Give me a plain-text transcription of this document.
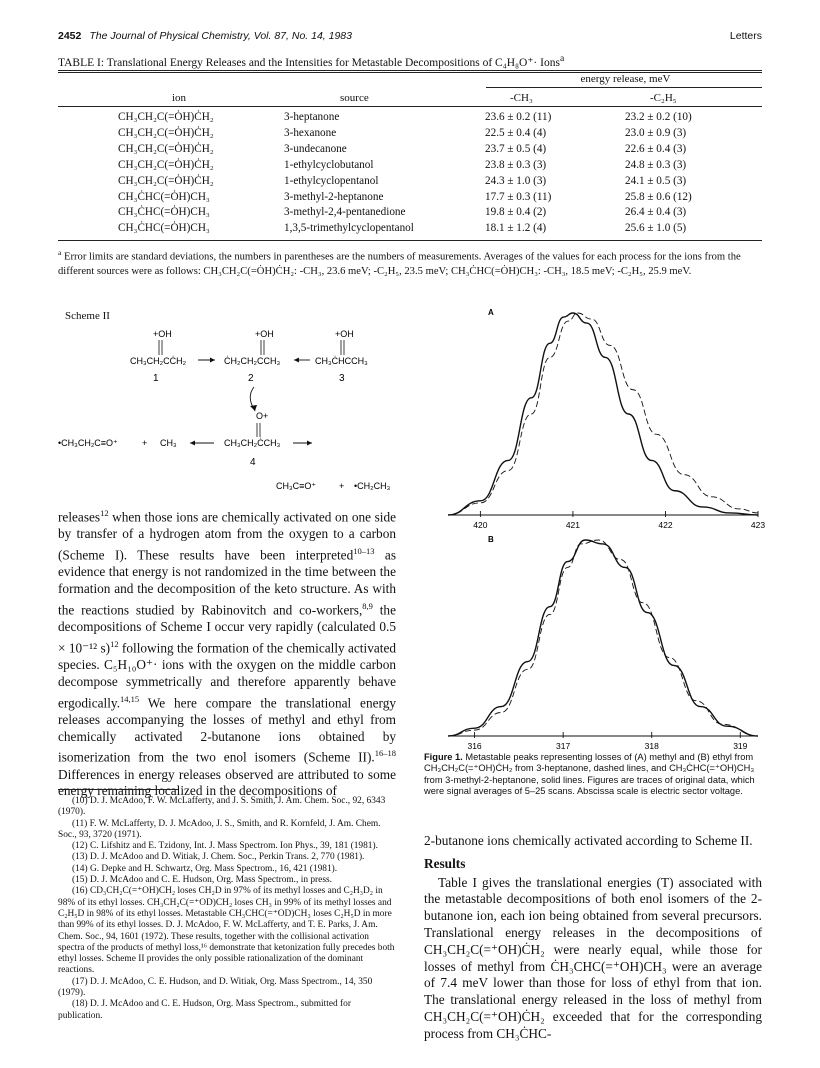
2452 The Journal of Physical Chemistry, Vol. 87, No. 14, 1983	Letters
TABLE I: Translational Energy Releases and the Intensities for Metastable Decompositions of C₄H₈O⁺· Ions$^a$
energy release, meV
ion	source	-CH₃	-C₂H₅
CH₃CH₂C(=ȮH)ĊH₂	3-heptanone	23.6 ± 0.2 (11)	23.2 ± 0.2 (10)
CH₃CH₂C(=ȮH)ĊH₂	3-hexanone	22.5 ± 0.4 (4)	23.0 ± 0.9 (3)
CH₃CH₂C(=ȮH)ĊH₂	3-undecanone	23.7 ± 0.5 (4)	22.6 ± 0.4 (3)
CH₃CH₂C(=ȮH)ĊH₂	1-ethylcyclobutanol	23.8 ± 0.3 (3)	24.8 ± 0.3 (3)
CH₃CH₂C(=ȮH)ĊH₂	1-ethylcyclopentanol	24.3 ± 1.0 (3)	24.1 ± 0.5 (3)
CH₃ĊHC(=ȮH)CH₃	3-methyl-2-heptanone	17.7 ± 0.3 (11)	25.8 ± 0.6 (12)
CH₃ĊHC(=ȮH)CH₃	3-methyl-2,4-pentanedione	19.8 ± 0.4 (2)	26.4 ± 0.4 (3)
CH₃ĊHC(=ȮH)CH₃	1,3,5-trimethylcyclopentanol	18.1 ± 1.2 (4)	25.6 ± 1.0 (5)
$^a$ Error limits are standard deviations, the numbers in parentheses are the numbers of measurements. Averages of the values for each process for the ions from the different sources were as follows: CH₃CH₂C(=ȮH)ĊH₂: -CH₃, 23.6 meV; -C₂H₅, 23.5 meV; CH₃ĊHC(=ȮH)CH₃: -CH₃, 18.5 meV; -C₂H₅, 25.9 meV.
Scheme II
+OH
CH₃CH₂CĊH₂
1
+OH
ĊH₂CH₂CCH₃
2
+OH
CH₃ĊHCCH₃
3
O+
CH₃CH₂ĊCH₃
4
•CH₃CH₂C≡O⁺	+ CH₃
CH₃C≡O⁺	+ •CH₂CH₃
releases$^{12}$ when those ions are chemically activated on one side by transfer of a hydrogen atom from the oxygen to a carbon (Scheme I). These results have been interpreted$^{10-13}$ as evidence that energy is not randomized in the time between the formation and the decomposition of the keto structure. As with the reactions studied by Rabinovitch and co-workers,$^{8,9}$ the decompositions of Scheme I occur very rapidly (calculated 0.5 × 10⁻¹² s)$^{12}$ following the formation of the chemically activated species. C₅H₁₀O⁺· ions with the oxygen on the middle carbon decompose symmetrically and therefore apparently behave ergodically.$^{14,15}$ We here compare the translational energy releases accompanying the losses of methyl and ethyl from chemically activated 2-butanone ions obtained by isomerization from the two enol isomers (Scheme II).$^{16-18}$ Differences in energy releases observed are attributed to some energy remaining localized in the decompositions of

(10) D. J. McAdoo, F. W. McLafferty, and J. S. Smith, J. Am. Chem. Soc., 92, 6343 (1970).

(11) F. W. McLafferty, D. J. McAdoo, J. S., Smith, and R. Kornfeld, J. Am. Chem. Soc., 93, 3720 (1971).

(12) C. Lifshitz and E. Tzidony, Int. J. Mass Spectrom. Ion Phys., 39, 181 (1981).

(13) D. J. McAdoo and D. Witiak, J. Chem. Soc., Perkin Trans. 2, 770 (1981).

(14) G. Depke and H. Schwartz, Org. Mass Spectrom., 16, 421 (1981).

(15) D. J. McAdoo and C. E. Hudson, Org. Mass Spectrom., in press.

(16) CD₃CH₂C(=⁺OH)CH₂ loses CH₂D in 97% of its methyl losses and C₂H₃D₂ in 98% of its ethyl losses. CH₃CH₂C(=⁺OD)CH₂ loses CH₃ in 99% of its methyl losses and C₂H₅D in 98% of its ethyl losses. Metastable CH₃CHC(=⁺OD)CH₃ loses C₂H₅D in more than 99% of its ethyl losses. D. J. McAdoo, F. W. McLafferty, and T. E. Parks, J. Am. Chem. Soc., 94, 1601 (1972). These results, together with the collisional activation spectra of the products of methyl loss,¹⁶ demonstrate that ketonization fully precedes both ethyl losses. Scheme II provides the only possible rationalization of the dominant reactions.

(17) D. J. McAdoo, C. E. Hudson, and D. Witiak, Org. Mass Spectrom., 14, 350 (1979).

(18) D. J. McAdoo and C. E. Hudson, Org. Mass Spectrom., submitted for publication.

420	421	422	423
A
316	317	318	319
B
Figure 1. Metastable peaks representing losses of (A) methyl and (B) ethyl from CH₃CH₂C(=⁺OH)ĊH₂ from 3-heptanone, dashed lines, and CH₃ĊHC(=⁺OH)CH₃ from 3-methyl-2-heptanone, solid lines. Figures are traces of original data, which were signal averages of 5–25 scans. Abscissa scale is electric sector voltage.

2-butanone ions chemically activated according to Scheme II.

Results

Table I gives the translational energies (T) associated with the metastable decompositions of both enol isomers of the 2-butanone ion, each ion being obtained from several precursors. Translational energy releases in the decompositions of CH₃CH₂C(=⁺OH)ĊH₂ were nearly equal, while those for losses of methyl from ĊH₃CHC(=⁺OH)CH₃ were an average of 7.4 meV lower than those for loss of ethyl from that ion. The translational energy released in the loss of methyl from CH₃CH₂C(=⁺OH)ĊH₂ exceeded that for the corresponding process from CH₃ĊHC-
